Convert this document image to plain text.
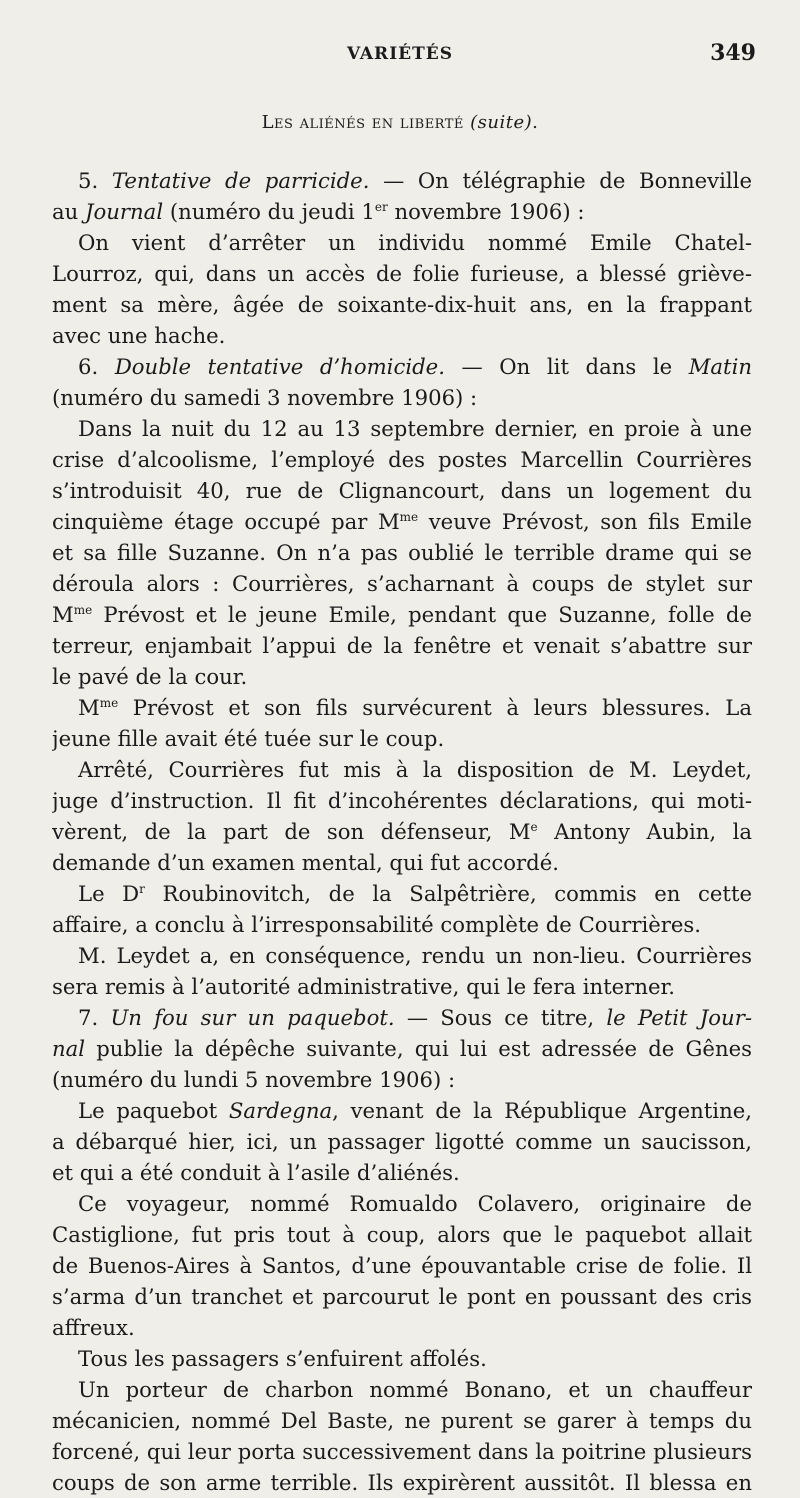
VARIÉTÉS	349
Les aliénés en liberté (suite).
5. Tentative de parricide. — On télégraphie de Bonneville
au Journal (numéro du jeudi 1er novembre 1906) :
On vient d’arrêter un individu nommé Emile Chatel-
Lourroz, qui, dans un accès de folie furieuse, a blessé grièvе-
ment sa mère, âgée de soixante-dix-huit ans, en la frappant
avec une hache.
6. Double tentative d’homicide. — On lit dans le Matin
(numéro du samedi 3 novembre 1906) :
Dans la nuit du 12 au 13 septembre dernier, en proie à une
crise d’alcoolisme, l’employé des postes Marcellin Courrières
s’introduisit 40, rue de Clignancourt, dans un logement du
cinquième étage occupé par $M^{me}$ veuve Prévost, son fils Emile
et sa fille Suzanne. On n’a pas oublié le terrible drame qui se
déroula alors : Courrières, s’acharnant à coups de stylet sur
$M^{me}$ Prévost et le jeune Emile, pendant que Suzanne, folle de
terreur, enjambait l’appui de la fenêtre et venait s’abattre sur
le pavé de la cour.
$M^{me}$ Prévost et son fils survécurent à leurs blessures. La
jeune fille avait été tuée sur le coup.
Arrêté, Courrières fut mis à la disposition de M. Leydet,
juge d’instruction. Il fit d’incohérentes déclarations, qui moti-
vèrent, de la part de son défenseur, Me Antony Aubin, la
demande d’un examen mental, qui fut accordé.
Le $D^r$ Roubinovitch, de la Salpêtrière, commis en cette
affaire, a conclu à l’irresponsabilité complète de Courrières.
M. Leydet a, en conséquence, rendu un non-lieu. Courrières
sera remis à l’autorité administrative, qui le fera interner.
7. Un fou sur un paquebot. — Sous ce titre, le Petit Jour-
nal publie la dépêche suivante, qui lui est adressée de Gênes
(numéro du lundi 5 novembre 1906) :
Le paquebot Sardegna, venant de la République Argentine,
a débarqué hier, ici, un passager ligotté comme un saucisson,
et qui a été conduit à l’asile d’aliénés.
Ce voyageur, nommé Romualdo Colavero, originaire de
Castiglione, fut pris tout à coup, alors que le paquebot allait
de Buenos-Aires à Santos, d’une épouvantable crise de folie. Il
s’arma d’un tranchet et parcourut le pont en poussant des cris
affreux.
Tous les passagers s’enfuirent affolés.
Un porteur de charbon nommé Bonano, et un chauffeur
mécanicien, nommé Del Baste, ne purent se garer à temps du
forcené, qui leur porta successivement dans la poitrine plusieurs
coups de son arme terrible. Ils expirèrent aussitôt. Il blessa en
